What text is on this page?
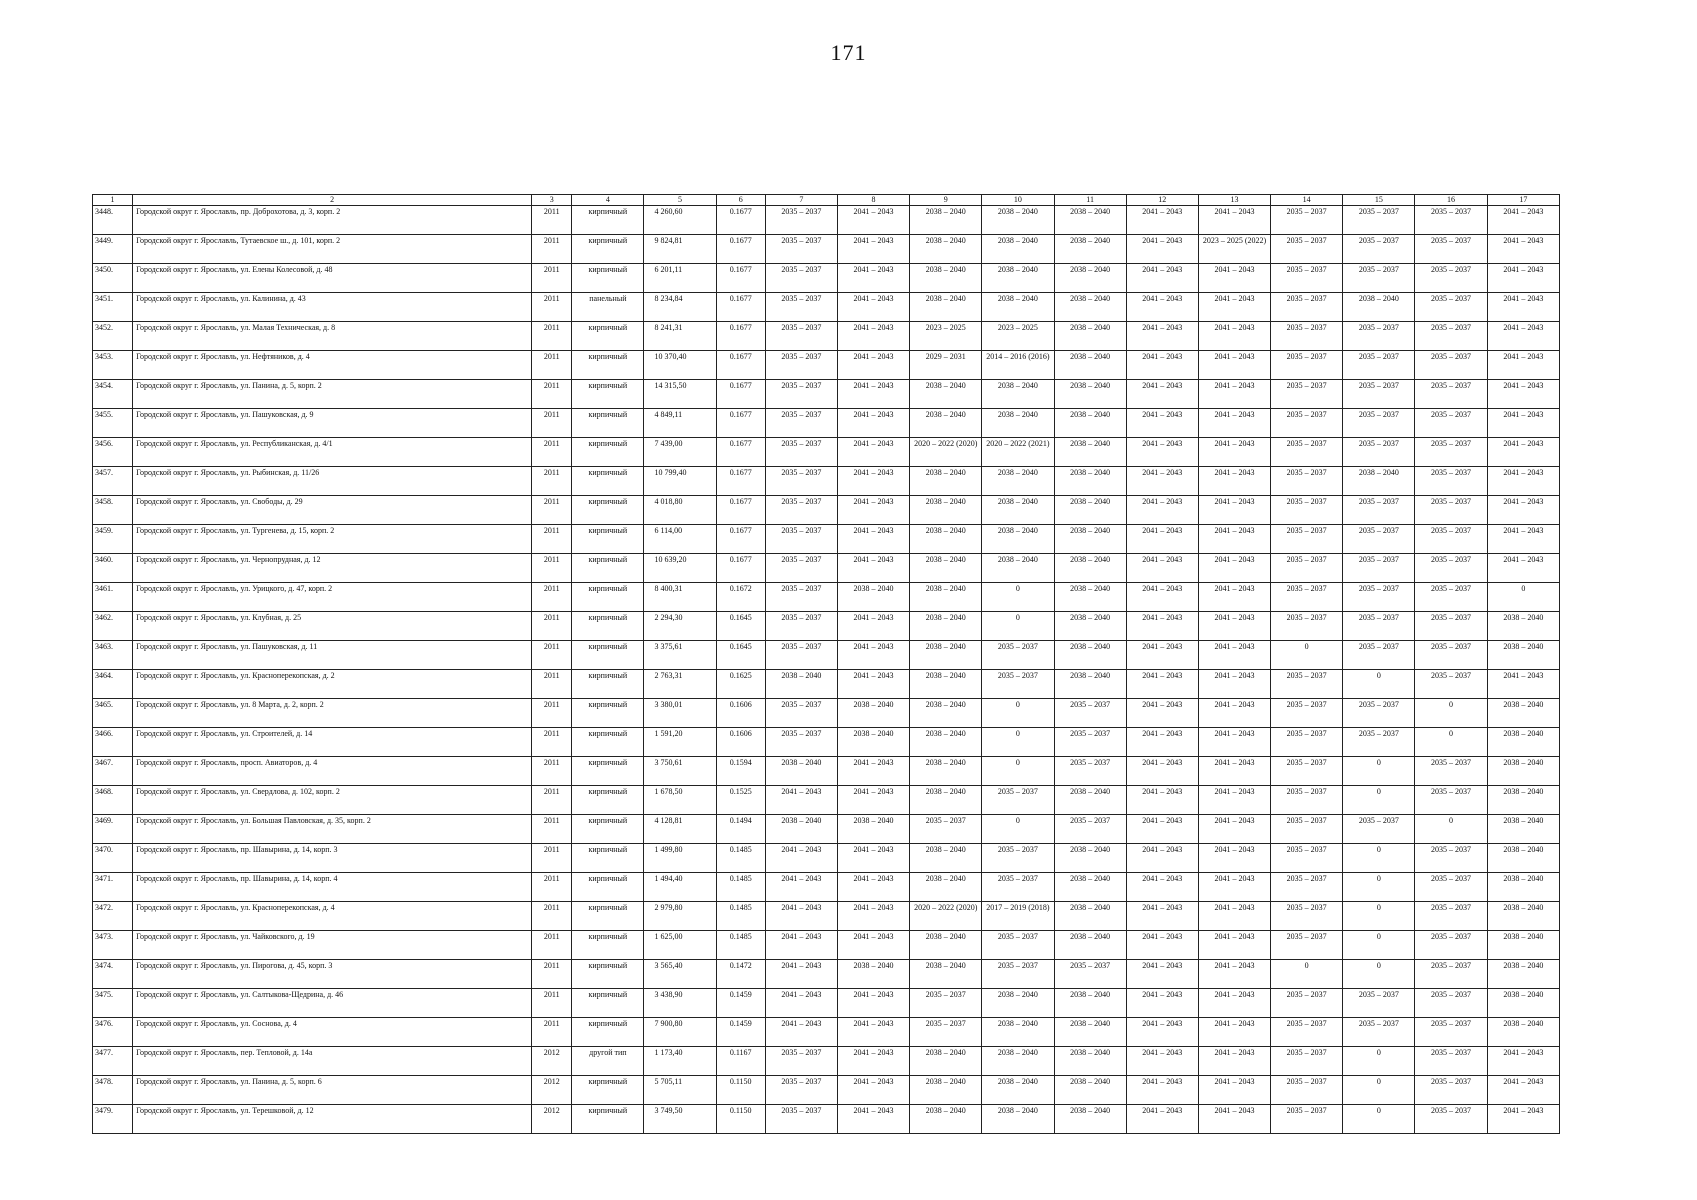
171
1	2	3	4	5	6	7	8	9	10	11	12	13	14	15	16	17
3448.	Городской округ г. Ярославль, пр. Доброхотова, д. 3, корп. 2	2011	кирпичный	4 260,60	0.1677	2035 – 2037	2041 – 2043	2038 – 2040	2038 – 2040	2038 – 2040	2041 – 2043	2041 – 2043	2035 – 2037	2035 – 2037	2035 – 2037	2041 – 2043
3449.	Городской округ г. Ярославль, Тутаевское ш., д. 101, корп. 2	2011	кирпичный	9 824,81	0.1677	2035 – 2037	2041 – 2043	2038 – 2040	2038 – 2040	2038 – 2040	2041 – 2043	2023 – 2025 (2022)	2035 – 2037	2035 – 2037	2035 – 2037	2041 – 2043
3450.	Городской округ г. Ярославль, ул. Елены Колесовой, д. 48	2011	кирпичный	6 201,11	0.1677	2035 – 2037	2041 – 2043	2038 – 2040	2038 – 2040	2038 – 2040	2041 – 2043	2041 – 2043	2035 – 2037	2035 – 2037	2035 – 2037	2041 – 2043
3451.	Городской округ г. Ярославль, ул. Калинина, д. 43	2011	панельный	8 234,84	0.1677	2035 – 2037	2041 – 2043	2038 – 2040	2038 – 2040	2038 – 2040	2041 – 2043	2041 – 2043	2035 – 2037	2038 – 2040	2035 – 2037	2041 – 2043
3452.	Городской округ г. Ярославль, ул. Малая Техническая, д. 8	2011	кирпичный	8 241,31	0.1677	2035 – 2037	2041 – 2043	2023 – 2025	2023 – 2025	2038 – 2040	2041 – 2043	2041 – 2043	2035 – 2037	2035 – 2037	2035 – 2037	2041 – 2043
3453.	Городской округ г. Ярославль, ул. Нефтяников, д. 4	2011	кирпичный	10 370,40	0.1677	2035 – 2037	2041 – 2043	2029 – 2031	2014 – 2016 (2016)	2038 – 2040	2041 – 2043	2041 – 2043	2035 – 2037	2035 – 2037	2035 – 2037	2041 – 2043
3454.	Городской округ г. Ярославль, ул. Панина, д. 5, корп. 2	2011	кирпичный	14 315,50	0.1677	2035 – 2037	2041 – 2043	2038 – 2040	2038 – 2040	2038 – 2040	2041 – 2043	2041 – 2043	2035 – 2037	2035 – 2037	2035 – 2037	2041 – 2043
3455.	Городской округ г. Ярославль, ул. Пашуковская, д. 9	2011	кирпичный	4 849,11	0.1677	2035 – 2037	2041 – 2043	2038 – 2040	2038 – 2040	2038 – 2040	2041 – 2043	2041 – 2043	2035 – 2037	2035 – 2037	2035 – 2037	2041 – 2043
3456.	Городской округ г. Ярославль, ул. Республиканская, д. 4/1	2011	кирпичный	7 439,00	0.1677	2035 – 2037	2041 – 2043	2020 – 2022 (2020)	2020 – 2022 (2021)	2038 – 2040	2041 – 2043	2041 – 2043	2035 – 2037	2035 – 2037	2035 – 2037	2041 – 2043
3457.	Городской округ г. Ярославль, ул. Рыбинская, д. 11/26	2011	кирпичный	10 799,40	0.1677	2035 – 2037	2041 – 2043	2038 – 2040	2038 – 2040	2038 – 2040	2041 – 2043	2041 – 2043	2035 – 2037	2038 – 2040	2035 – 2037	2041 – 2043
3458.	Городской округ г. Ярославль, ул. Свободы, д. 29	2011	кирпичный	4 018,80	0.1677	2035 – 2037	2041 – 2043	2038 – 2040	2038 – 2040	2038 – 2040	2041 – 2043	2041 – 2043	2035 – 2037	2035 – 2037	2035 – 2037	2041 – 2043
3459.	Городской округ г. Ярославль, ул. Тургенева, д. 15, корп. 2	2011	кирпичный	6 114,00	0.1677	2035 – 2037	2041 – 2043	2038 – 2040	2038 – 2040	2038 – 2040	2041 – 2043	2041 – 2043	2035 – 2037	2035 – 2037	2035 – 2037	2041 – 2043
3460.	Городской округ г. Ярославль, ул. Чернопрудная, д. 12	2011	кирпичный	10 639,20	0.1677	2035 – 2037	2041 – 2043	2038 – 2040	2038 – 2040	2038 – 2040	2041 – 2043	2041 – 2043	2035 – 2037	2035 – 2037	2035 – 2037	2041 – 2043
3461.	Городской округ г. Ярославль, ул. Урицкого, д. 47, корп. 2	2011	кирпичный	8 400,31	0.1672	2035 – 2037	2038 – 2040	2038 – 2040	0	2038 – 2040	2041 – 2043	2041 – 2043	2035 – 2037	2035 – 2037	2035 – 2037	0
3462.	Городской округ г. Ярославль, ул. Клубная, д. 25	2011	кирпичный	2 294,30	0.1645	2035 – 2037	2041 – 2043	2038 – 2040	0	2038 – 2040	2041 – 2043	2041 – 2043	2035 – 2037	2035 – 2037	2035 – 2037	2038 – 2040
3463.	Городской округ г. Ярославль, ул. Пашуковская, д. 11	2011	кирпичный	3 375,61	0.1645	2035 – 2037	2041 – 2043	2038 – 2040	2035 – 2037	2038 – 2040	2041 – 2043	2041 – 2043	0	2035 – 2037	2035 – 2037	2038 – 2040
3464.	Городской округ г. Ярославль, ул. Красноперекопская, д. 2	2011	кирпичный	2 763,31	0.1625	2038 – 2040	2041 – 2043	2038 – 2040	2035 – 2037	2038 – 2040	2041 – 2043	2041 – 2043	2035 – 2037	0	2035 – 2037	2041 – 2043
3465.	Городской округ г. Ярославль, ул. 8 Марта, д. 2, корп. 2	2011	кирпичный	3 380,01	0.1606	2035 – 2037	2038 – 2040	2038 – 2040	0	2035 – 2037	2041 – 2043	2041 – 2043	2035 – 2037	2035 – 2037	0	2038 – 2040
3466.	Городской округ г. Ярославль, ул. Строителей, д. 14	2011	кирпичный	1 591,20	0.1606	2035 – 2037	2038 – 2040	2038 – 2040	0	2035 – 2037	2041 – 2043	2041 – 2043	2035 – 2037	2035 – 2037	0	2038 – 2040
3467.	Городской округ г. Ярославль, просп. Авиаторов, д. 4	2011	кирпичный	3 750,61	0.1594	2038 – 2040	2041 – 2043	2038 – 2040	0	2035 – 2037	2041 – 2043	2041 – 2043	2035 – 2037	0	2035 – 2037	2038 – 2040
3468.	Городской округ г. Ярославль, ул. Свердлова, д. 102, корп. 2	2011	кирпичный	1 678,50	0.1525	2041 – 2043	2041 – 2043	2038 – 2040	2035 – 2037	2038 – 2040	2041 – 2043	2041 – 2043	2035 – 2037	0	2035 – 2037	2038 – 2040
3469.	Городской округ г. Ярославль, ул. Большая Павловская, д. 35, корп. 2	2011	кирпичный	4 128,81	0.1494	2038 – 2040	2038 – 2040	2035 – 2037	0	2035 – 2037	2041 – 2043	2041 – 2043	2035 – 2037	2035 – 2037	0	2038 – 2040
3470.	Городской округ г. Ярославль, пр. Шавырина, д. 14, корп. 3	2011	кирпичный	1 499,80	0.1485	2041 – 2043	2041 – 2043	2038 – 2040	2035 – 2037	2038 – 2040	2041 – 2043	2041 – 2043	2035 – 2037	0	2035 – 2037	2038 – 2040
3471.	Городской округ г. Ярославль, пр. Шавырина, д. 14, корп. 4	2011	кирпичный	1 494,40	0.1485	2041 – 2043	2041 – 2043	2038 – 2040	2035 – 2037	2038 – 2040	2041 – 2043	2041 – 2043	2035 – 2037	0	2035 – 2037	2038 – 2040
3472.	Городской округ г. Ярославль, ул. Красноперекопская, д. 4	2011	кирпичный	2 979,80	0.1485	2041 – 2043	2041 – 2043	2020 – 2022 (2020)	2017 – 2019 (2018)	2038 – 2040	2041 – 2043	2041 – 2043	2035 – 2037	0	2035 – 2037	2038 – 2040
3473.	Городской округ г. Ярославль, ул. Чайковского, д. 19	2011	кирпичный	1 625,00	0.1485	2041 – 2043	2041 – 2043	2038 – 2040	2035 – 2037	2038 – 2040	2041 – 2043	2041 – 2043	2035 – 2037	0	2035 – 2037	2038 – 2040
3474.	Городской округ г. Ярославль, ул. Пирогова, д. 45, корп. 3	2011	кирпичный	3 565,40	0.1472	2041 – 2043	2038 – 2040	2038 – 2040	2035 – 2037	2035 – 2037	2041 – 2043	2041 – 2043	0	0	2035 – 2037	2038 – 2040
3475.	Городской округ г. Ярославль, ул. Салтыкова-Щедрина, д. 46	2011	кирпичный	3 438,90	0.1459	2041 – 2043	2041 – 2043	2035 – 2037	2038 – 2040	2038 – 2040	2041 – 2043	2041 – 2043	2035 – 2037	2035 – 2037	2035 – 2037	2038 – 2040
3476.	Городской округ г. Ярославль, ул. Соснова, д. 4	2011	кирпичный	7 900,80	0.1459	2041 – 2043	2041 – 2043	2035 – 2037	2038 – 2040	2038 – 2040	2041 – 2043	2041 – 2043	2035 – 2037	2035 – 2037	2035 – 2037	2038 – 2040
3477.	Городской округ г. Ярославль, пер. Тепловой, д. 14а	2012	другой тип	1 173,40	0.1167	2035 – 2037	2041 – 2043	2038 – 2040	2038 – 2040	2038 – 2040	2041 – 2043	2041 – 2043	2035 – 2037	0	2035 – 2037	2041 – 2043
3478.	Городской округ г. Ярославль, ул. Панина, д. 5, корп. 6	2012	кирпичный	5 705,11	0.1150	2035 – 2037	2041 – 2043	2038 – 2040	2038 – 2040	2038 – 2040	2041 – 2043	2041 – 2043	2035 – 2037	0	2035 – 2037	2041 – 2043
3479.	Городской округ г. Ярославль, ул. Терешковой, д. 12	2012	кирпичный	3 749,50	0.1150	2035 – 2037	2041 – 2043	2038 – 2040	2038 – 2040	2038 – 2040	2041 – 2043	2041 – 2043	2035 – 2037	0	2035 – 2037	2041 – 2043
